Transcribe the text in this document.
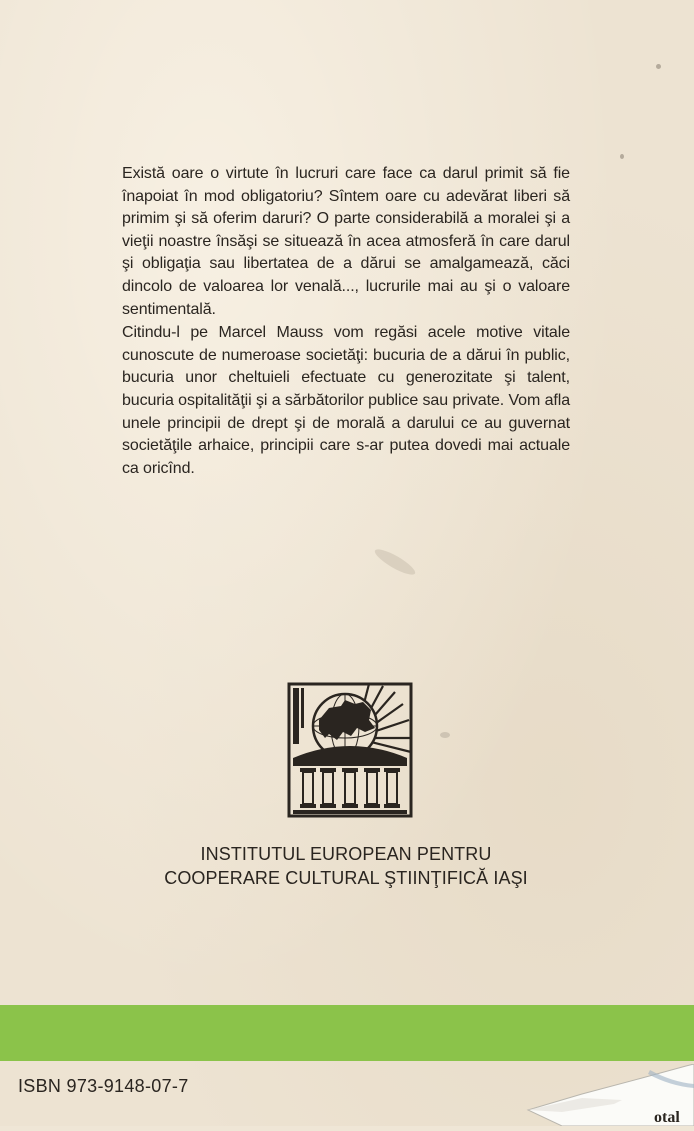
Există oare o virtute în lucruri care face ca darul primit să fie înapoiat în mod obligatoriu? Sîntem oare cu adevărat liberi să primim şi să oferim daruri? O parte considerabilă a moralei şi a vieţii noastre însăşi se situează în acea atmosferă în care darul şi obligaţia sau libertatea de a dărui se amalgamează, căci dincolo de valoarea lor venală..., lucrurile mai au şi o valoare sentimentală.

Citindu-l pe Marcel Mauss vom regăsi acele motive vitale cunoscute de numeroase societăţi: bucuria de a dărui în public, bucuria unor cheltuieli efectuate cu generozitate şi talent, bucuria ospitalităţii şi a sărbătorilor publice sau private. Vom afla unele principii de drept şi de morală a darului ce au guvernat societăţile arhaice, principii care s-ar putea dovedi mai actuale ca oricînd.

INSTITUTUL EUROPEAN PENTRU
COOPERARE CULTURAL ŞTIINŢIFICĂ IAŞI
ISBN 973-9148-07-7
otal
